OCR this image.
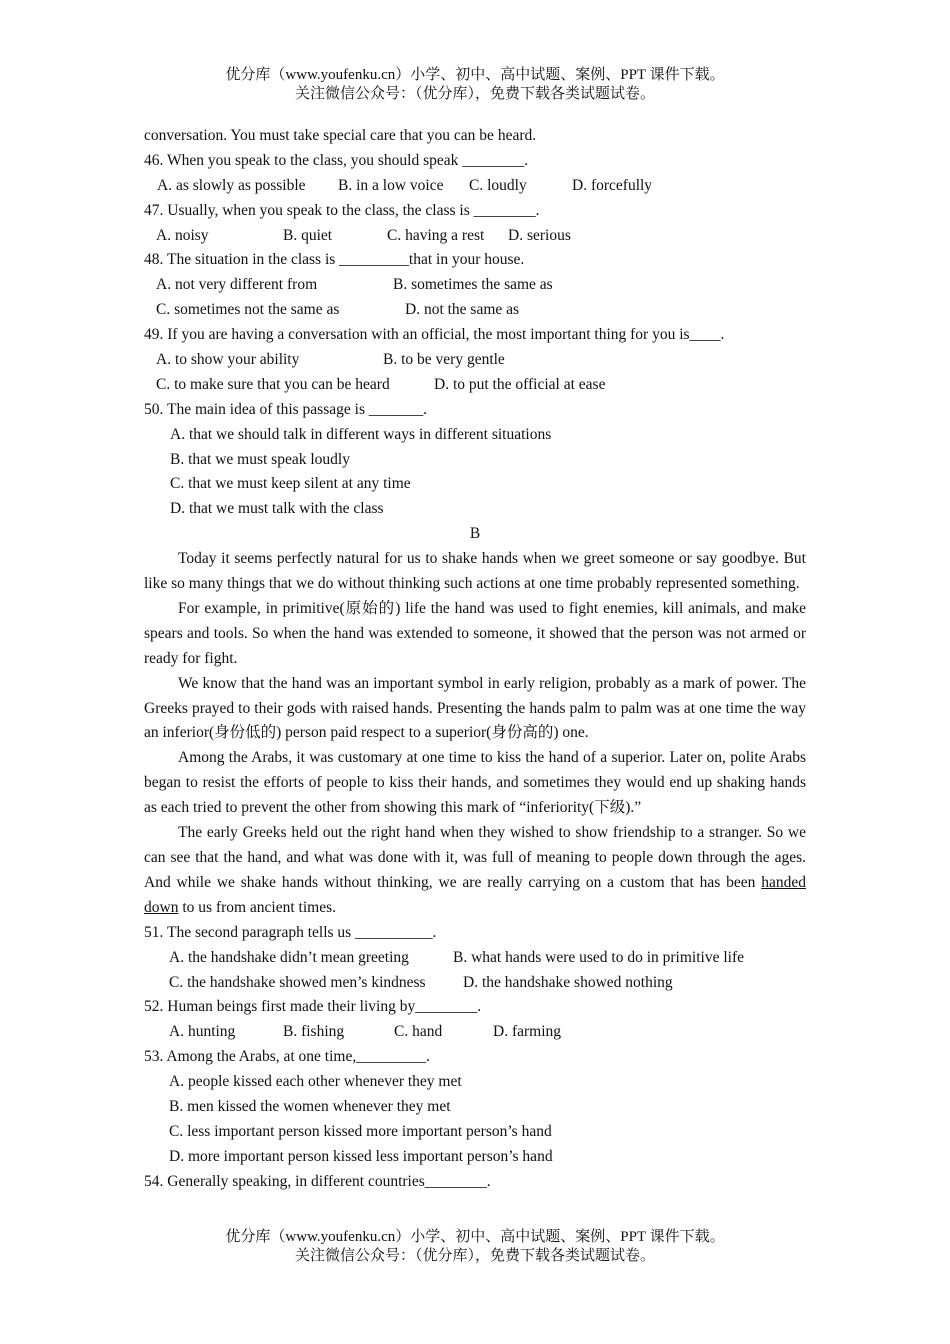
优分库（www.youfenku.cn）小学、初中、高中试题、案例、PPT 课件下载。
关注微信公众号：（优分库），免费下载各类试题试卷。
conversation. You must take special care that you can be heard.
46. When you speak to the class, you should speak ________.
A. as slowly as possible B. in a low voice C. loudly	D. forcefully
47. Usually, when you speak to the class, the class is ________.
A. noisy	B. quiet	C. having a rest D. serious
48. The situation in the class is _________that in your house.
A. not very different from	B. sometimes the same as
C. sometimes not the same as	D. not the same as
49. If you are having a conversation with an official, the most important thing for you is____.
A. to show your ability	B. to be very gentle
C. to make sure that you can be heard	D. to put the official at ease
50. The main idea of this passage is _______.
A. that we should talk in different ways in different situations
B. that we must speak loudly
C. that we must keep silent at any time
D. that we must talk with the class
B
Today it seems perfectly natural for us to shake hands when we greet someone or say goodbye. But like so many things that we do without thinking such actions at one time probably represented something.
For example, in primitive(原始的) life the hand was used to fight enemies, kill animals, and make spears and tools. So when the hand was extended to someone, it showed that the person was not armed or ready for fight.
We know that the hand was an important symbol in early religion, probably as a mark of power. The Greeks prayed to their gods with raised hands. Presenting the hands palm to palm was at one time the way an inferior(身份低的) person paid respect to a superior(身份高的) one.
Among the Arabs, it was customary at one time to kiss the hand of a superior. Later on, polite Arabs began to resist the efforts of people to kiss their hands, and sometimes they would end up shaking hands as each tried to prevent the other from showing this mark of “inferiority(下级).”
The early Greeks held out the right hand when they wished to show friendship to a stranger. So we can see that the hand, and what was done with it, was full of meaning to people down through the ages. And while we shake hands without thinking, we are really carrying on a custom that has been handed down to us from ancient times.
51. The second paragraph tells us __________.
A. the handshake didn’t mean greeting	B. what hands were used to do in primitive life
C. the handshake showed men’s kindness D. the handshake showed nothing
52. Human beings first made their living by________.
A. hunting	B. fishing	C. hand	D. farming
53. Among the Arabs, at one time,_________.
A. people kissed each other whenever they met
B. men kissed the women whenever they met
C. less important person kissed more important person’s hand
D. more important person kissed less important person’s hand
54. Generally speaking, in different countries________.
优分库（www.youfenku.cn）小学、初中、高中试题、案例、PPT 课件下载。
关注微信公众号：（优分库），免费下载各类试题试卷。
